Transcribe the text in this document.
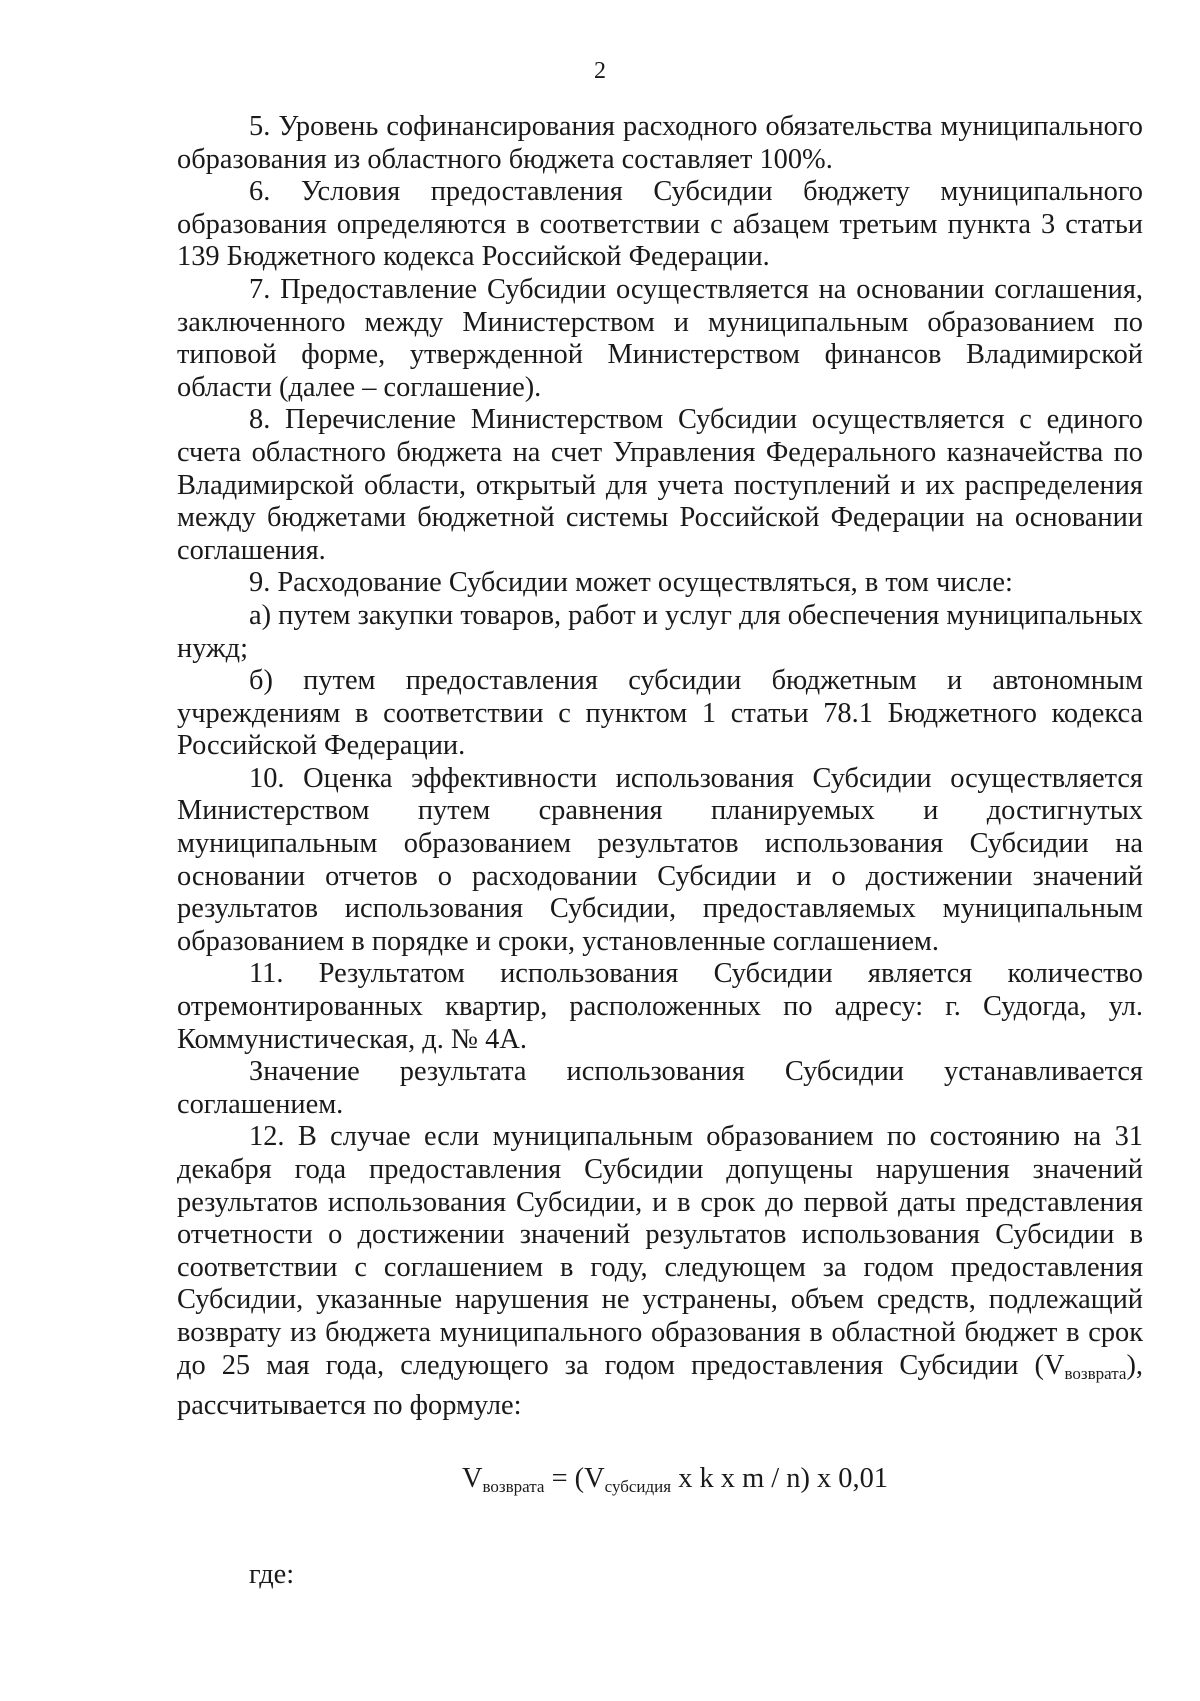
2

5. Уровень софинансирования расходного обязательства муниципального образования из областного бюджета составляет 100%.

6. Условия предоставления Субсидии бюджету муниципального образования определяются в соответствии с абзацем третьим пункта 3 статьи 139 Бюджетного кодекса Российской Федерации.

7. Предоставление Субсидии осуществляется на основании соглашения, заключенного между Министерством и муниципальным образованием по типовой форме, утвержденной Министерством финансов Владимирской области (далее – соглашение).

8. Перечисление Министерством Субсидии осуществляется с единого счета областного бюджета на счет Управления Федерального казначейства по Владимирской области, открытый для учета поступлений и их распределения между бюджетами бюджетной системы Российской Федерации на основании соглашения.

9. Расходование Субсидии может осуществляться, в том числе:

а) путем закупки товаров, работ и услуг для обеспечения муниципальных нужд;

б) путем предоставления субсидии бюджетным и автономным учреждениям в соответствии с пунктом 1 статьи 78.1 Бюджетного кодекса Российской Федерации.

10. Оценка эффективности использования Субсидии осуществляется Министерством путем сравнения планируемых и достигнутых муниципальным образованием результатов использования Субсидии на основании отчетов о расходовании Субсидии и о достижении значений результатов использования Субсидии, предоставляемых муниципальным образованием в порядке и сроки, установленные соглашением.

11. Результатом использования Субсидии является количество отремонтированных квартир, расположенных по адресу: г. Судогда, ул. Коммунистическая, д. № 4А.

Значение результата использования Субсидии устанавливается соглашением.

12. В случае если муниципальным образованием по состоянию на 31 декабря года предоставления Субсидии допущены нарушения значений результатов использования Субсидии, и в срок до первой даты представления отчетности о достижении значений результатов использования Субсидии в соответствии с соглашением в году, следующем за годом предоставления Субсидии, указанные нарушения не устранены, объем средств, подлежащий возврату из бюджета муниципального образования в областной бюджет в срок до 25 мая года, следующего за годом предоставления Субсидии (Vвозврата), рассчитывается по формуле:

$V_{возврата} = (V_{субсидия}$ x k x m / n) x 0,01
где:
